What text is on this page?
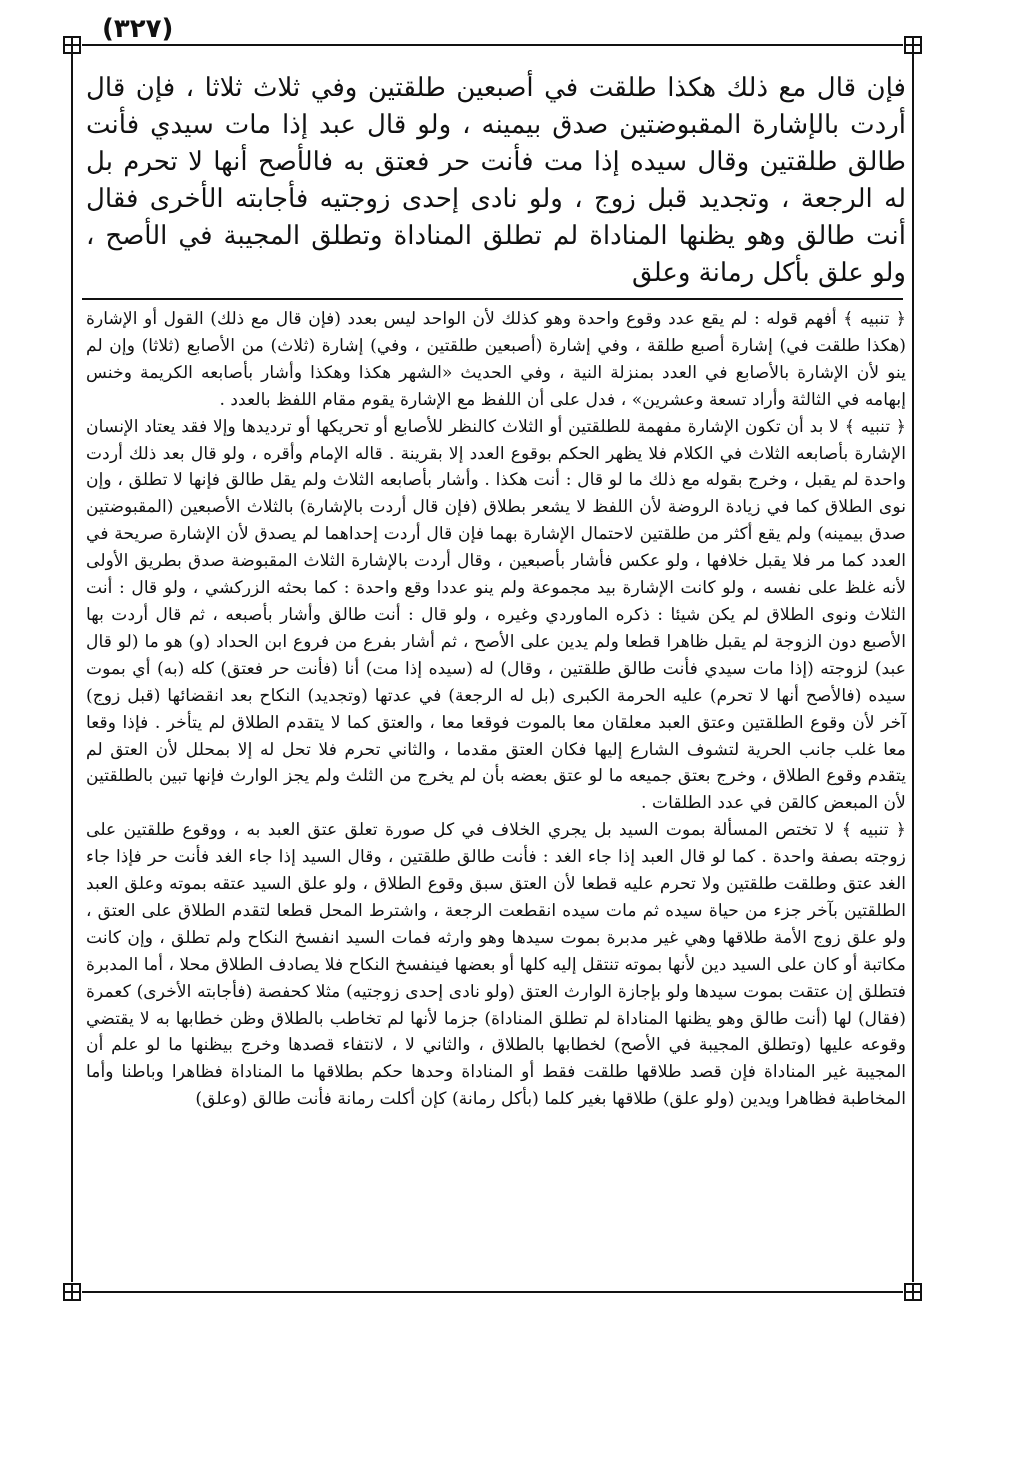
(٣٢٧)

فإن قال مع ذلك هكذا طلقت في أصبعين طلقتين وفي ثلاث ثلاثا ، فإن قال أردت بالإشارة المقبوضتين صدق بيمينه ، ولو قال عبد إذا مات سيدي فأنت طالق طلقتين وقال سيده إذا مت فأنت حر فعتق به فالأصح أنها لا تحرم بل له الرجعة ، وتجديد قبل زوج ، ولو نادى إحدى زوجتيه فأجابته الأخرى فقال أنت طالق وهو يظنها المناداة لم تطلق المناداة وتطلق المجيبة في الأصح ، ولو علق بأكل رمانة وعلق

﴿ تنبيه ﴾ أفهم قوله : لم يقع عدد وقوع واحدة وهو كذلك لأن الواحد ليس بعدد (فإن قال مع ذلك) القول أو الإشارة (هكذا طلقت في) إشارة أصبع طلقة ، وفي إشارة (أصبعين طلقتين ، وفي) إشارة (ثلاث) من الأصابع (ثلاثا) وإن لم ينو لأن الإشارة بالأصابع في العدد بمنزلة النية ، وفي الحديث «الشهر هكذا وهكذا وأشار بأصابعه الكريمة وخنس إبهامه في الثالثة وأراد تسعة وعشرين» ، فدل على أن اللفظ مع الإشارة يقوم مقام اللفظ بالعدد .

﴿ تنبيه ﴾ لا بد أن تكون الإشارة مفهمة للطلقتين أو الثلاث كالنظر للأصابع أو تحريكها أو ترديدها وإلا فقد يعتاد الإنسان الإشارة بأصابعه الثلاث في الكلام فلا يظهر الحكم بوقوع العدد إلا بقرينة . قاله الإمام وأقره ، ولو قال بعد ذلك أردت واحدة لم يقبل ، وخرج بقوله مع ذلك ما لو قال : أنت هكذا . وأشار بأصابعه الثلاث ولم يقل طالق فإنها لا تطلق ، وإن نوى الطلاق كما في زيادة الروضة لأن اللفظ لا يشعر بطلاق (فإن قال أردت بالإشارة) بالثلاث الأصبعين (المقبوضتين صدق بيمينه) ولم يقع أكثر من طلقتين لاحتمال الإشارة بهما فإن قال أردت إحداهما لم يصدق لأن الإشارة صريحة في العدد كما مر فلا يقبل خلافها ، ولو عكس فأشار بأصبعين ، وقال أردت بالإشارة الثلاث المقبوضة صدق بطريق الأولى لأنه غلظ على نفسه ، ولو كانت الإشارة بيد مجموعة ولم ينو عددا وقع واحدة : كما بحثه الزركشي ، ولو قال : أنت الثلاث ونوى الطلاق لم يكن شيئا : ذكره الماوردي وغيره ، ولو قال : أنت طالق وأشار بأصبعه ، ثم قال أردت بها الأصبع دون الزوجة لم يقبل ظاهرا قطعا ولم يدين على الأصح ، ثم أشار بفرع من فروع ابن الحداد (و) هو ما (لو قال عبد) لزوجته (إذا مات سيدي فأنت طالق طلقتين ، وقال) له (سيده إذا مت) أنا (فأنت حر فعتق) كله (به) أي بموت سيده (فالأصح أنها لا تحرم) عليه الحرمة الكبرى (بل له الرجعة) في عدتها (وتجديد) النكاح بعد انقضائها (قبل زوج) آخر لأن وقوع الطلقتين وعتق العبد معلقان معا بالموت فوقعا معا ، والعتق كما لا يتقدم الطلاق لم يتأخر . فإذا وقعا معا غلب جانب الحرية لتشوف الشارع إليها فكان العتق مقدما ، والثاني تحرم فلا تحل له إلا بمحلل لأن العتق لم يتقدم وقوع الطلاق ، وخرج بعتق جميعه ما لو عتق بعضه بأن لم يخرج من الثلث ولم يجز الوارث فإنها تبين بالطلقتين لأن المبعض كالقن في عدد الطلقات .

﴿ تنبيه ﴾ لا تختص المسألة بموت السيد بل يجري الخلاف في كل صورة تعلق عتق العبد به ، ووقوع طلقتين على زوجته بصفة واحدة . كما لو قال العبد إذا جاء الغد : فأنت طالق طلقتين ، وقال السيد إذا جاء الغد فأنت حر فإذا جاء الغد عتق وطلقت طلقتين ولا تحرم عليه قطعا لأن العتق سبق وقوع الطلاق ، ولو علق السيد عتقه بموته وعلق العبد الطلقتين بآخر جزء من حياة سيده ثم مات سيده انقطعت الرجعة ، واشترط المحل قطعا لتقدم الطلاق على العتق ، ولو علق زوج الأمة طلاقها وهي غير مدبرة بموت سيدها وهو وارثه فمات السيد انفسخ النكاح ولم تطلق ، وإن كانت مكاتبة أو كان على السيد دين لأنها بموته تنتقل إليه كلها أو بعضها فينفسخ النكاح فلا يصادف الطلاق محلا ، أما المدبرة فتطلق إن عتقت بموت سيدها ولو بإجازة الوارث العتق (ولو نادى إحدى زوجتيه) مثلا كحفصة (فأجابته الأخرى) كعمرة (فقال) لها (أنت طالق وهو يظنها المناداة لم تطلق المناداة) جزما لأنها لم تخاطب بالطلاق وظن خطابها به لا يقتضي وقوعه عليها (وتطلق المجيبة في الأصح) لخطابها بالطلاق ، والثاني لا ، لانتفاء قصدها وخرج بيظنها ما لو علم أن المجيبة غير المناداة فإن قصد طلاقها طلقت فقط أو المناداة وحدها حكم بطلاقها ما المناداة فظاهرا وباطنا وأما المخاطبة فظاهرا ويدين (ولو علق) طلاقها بغير كلما (بأكل رمانة) كإن أكلت رمانة فأنت طالق (وعلق)
